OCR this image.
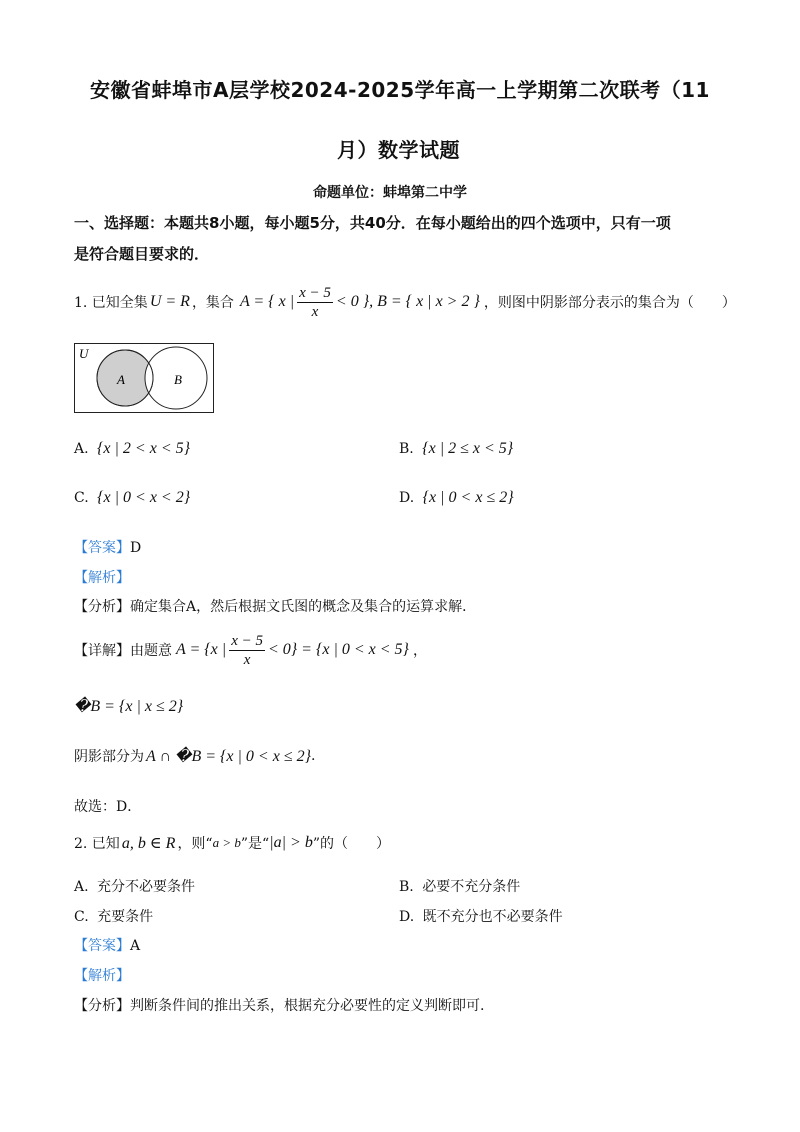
安徽省蚌埠市A层学校2024-2025学年高一上学期第二次联考（11
月）数学试题
命题单位：蚌埠第二中学
一、选择题：本题共8小题，每小题5分，共40分．在每小题给出的四个选项中，只有一项
是符合题目要求的．
1. 已知全集 U = R ，集合 A = { x | $\frac{x - 5}{x} < 0$ }, B = { x | x > 2 } ，则图中阴影部分表示的集合为（　　）
U
A	B
A. {x | 2 < x < 5}	B. {x | 2 ≤ x < 5}
C. {x | 0 < x < 2}	D. {x | 0 < x ≤ 2}
【答案】D
【解析】
【分析】确定集合A，然后根据文氏图的概念及集合的运算求解．
【详解】 由题意 A = {x | $\frac{x - 5}{x} < 0\} = \{x$ | 0 < x < 5} ，
�B = {x | x ≤ 2}
阴影部分为 A ∩ �B = {x | 0 < x ≤ 2} .
故选：D．
2. 已知 a, b ∈ R ，则“ a > b ”是“ |a| > b ”的（　　）
A. 充分不必要条件	B. 必要不充分条件
C. 充要条件	D. 既不充分也不必要条件
【答案】A
【解析】
【分析】判断条件间的推出关系，根据充分必要性的定义判断即可.
